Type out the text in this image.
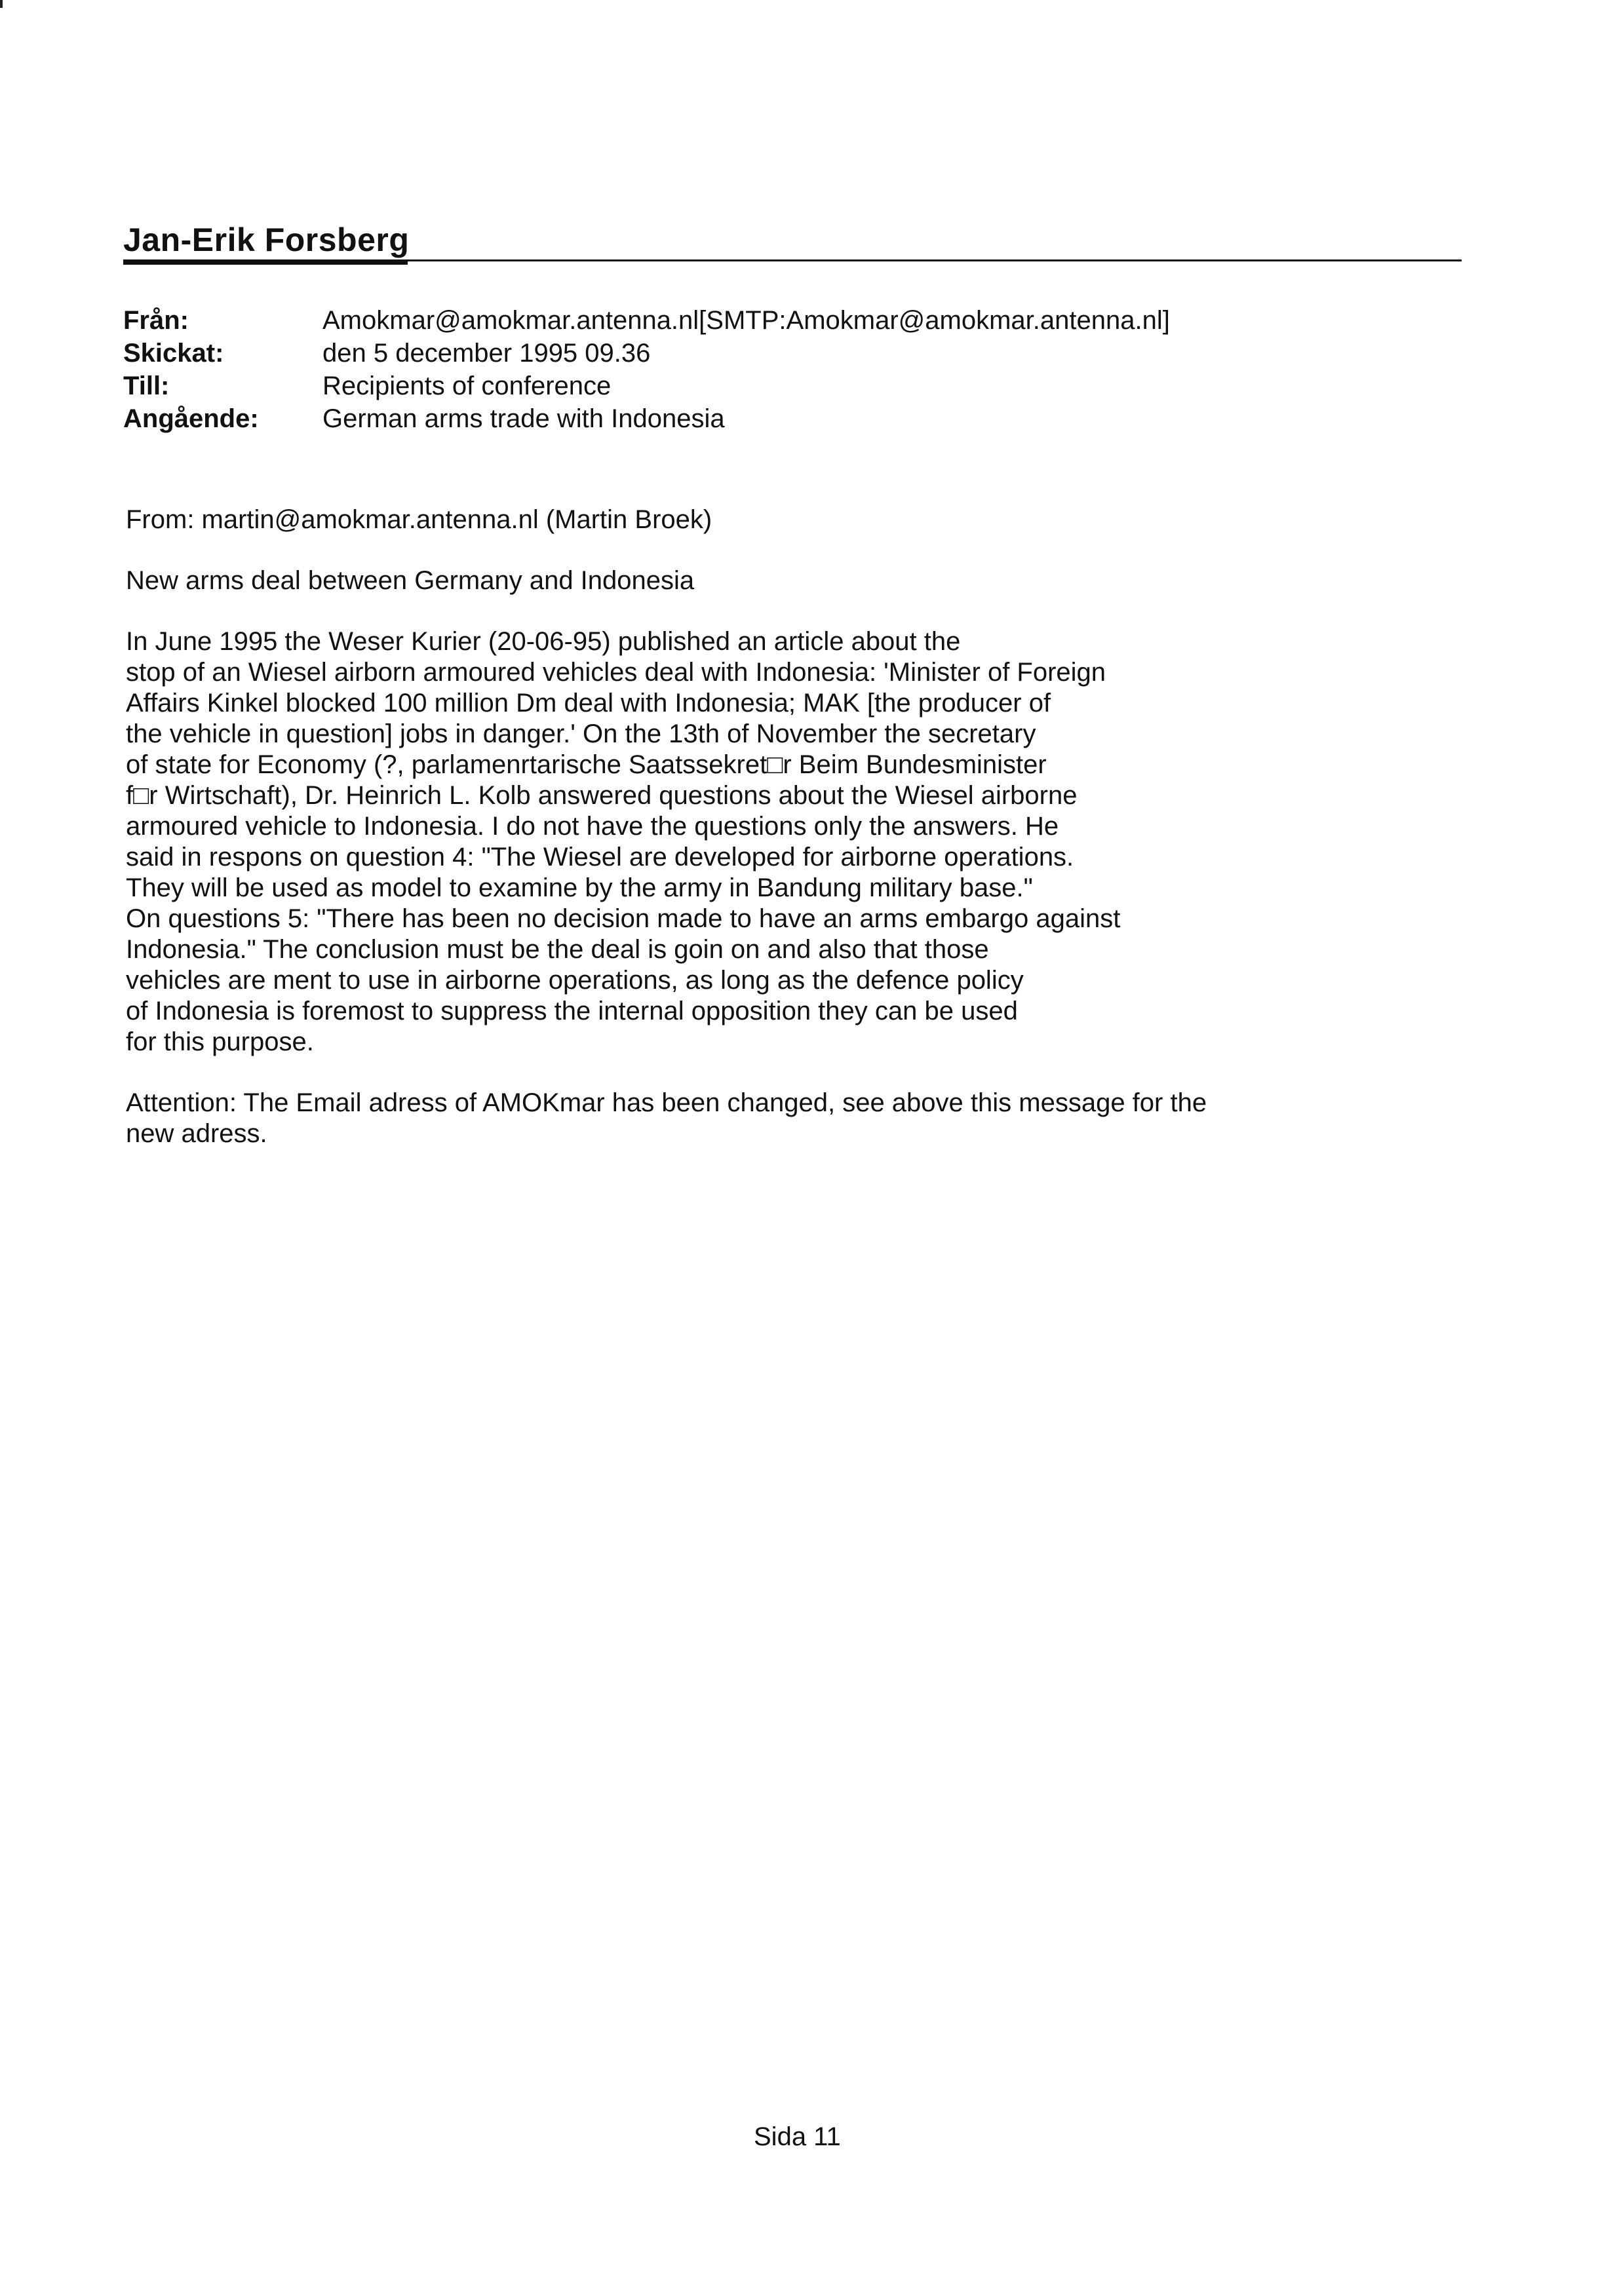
Jan-Erik Forsberg
Från:	Amokmar@amokmar.antenna.nl[SMTP:Amokmar@amokmar.antenna.nl]
Skickat:	den 5 december 1995 09.36
Till:	Recipients of conference
Angående:	German arms trade with Indonesia

From: martin@amokmar.antenna.nl (Martin Broek)

New arms deal between Germany and Indonesia

In June 1995 the Weser Kurier (20-06-95) published an article about the
stop of an Wiesel airborn armoured vehicles deal with Indonesia: 'Minister of Foreign
Affairs Kinkel blocked 100 million Dm deal with Indonesia; MAK [the producer of
the vehicle in question] jobs in danger.' On the 13th of November the secretary
of state for Economy (?, parlamenrtarische Saatssekret□r Beim Bundesminister
f□r Wirtschaft), Dr. Heinrich L. Kolb answered questions about the Wiesel airborne
armoured vehicle to Indonesia. I do not have the questions only the answers. He
said in respons on question 4: "The Wiesel are developed for airborne operations.
They will be used as model to examine by the army in Bandung military base."
On questions 5: "There has been no decision made to have an arms embargo against
Indonesia." The conclusion must be the deal is goin on and also that those
vehicles are ment to use in airborne operations, as long as the defence policy
of Indonesia is foremost to suppress the internal opposition they can be used
for this purpose.

Attention: The Email adress of AMOKmar has been changed, see above this message for the
new adress.

Sida 11
